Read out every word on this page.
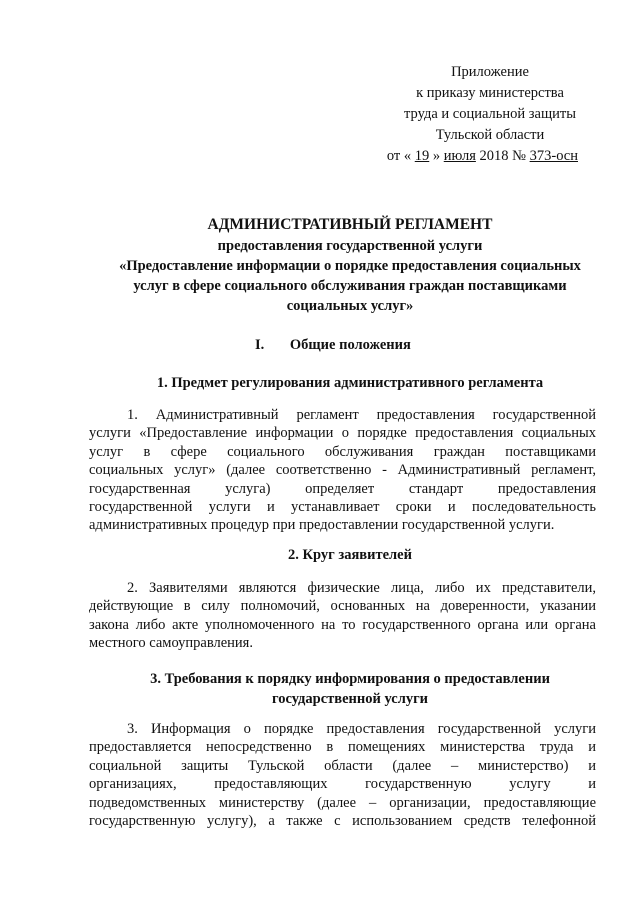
Приложение
к приказу министерства
труда и социальной защиты
Тульской области
от « 19 » июля 2018 № 373-осн
АДМИНИСТРАТИВНЫЙ РЕГЛАМЕНТ
предоставления государственной услуги
«Предоставление информации о порядке предоставления социальных
услуг в сфере социального обслуживания граждан поставщиками
социальных услуг»
I. Общие положения
1. Предмет регулирования административного регламента
1. Административный регламент предоставления государственной
услуги «Предоставление информации о порядке предоставления социальных
услуг в сфере социального обслуживания граждан поставщиками
социальных услуг» (далее соответственно - Административный регламент,
государственная услуга) определяет стандарт предоставления
государственной услуги и устанавливает сроки и последовательность
административных процедур при предоставлении государственной услуги.
2. Круг заявителей
2. Заявителями являются физические лица, либо их представители,
действующие в силу полномочий, основанных на доверенности, указании
закона либо акте уполномоченного на то государственного органа или органа
местного самоуправления.
3. Требования к порядку информирования о предоставлении
государственной услуги
3. Информация о порядке предоставления государственной услуги
предоставляется непосредственно в помещениях министерства труда и
социальной защиты Тульской области (далее – министерство) и
организациях, предоставляющих государственную услугу и
подведомственных министерству (далее – организации, предоставляющие
государственную услугу), а также с использованием средств телефонной
